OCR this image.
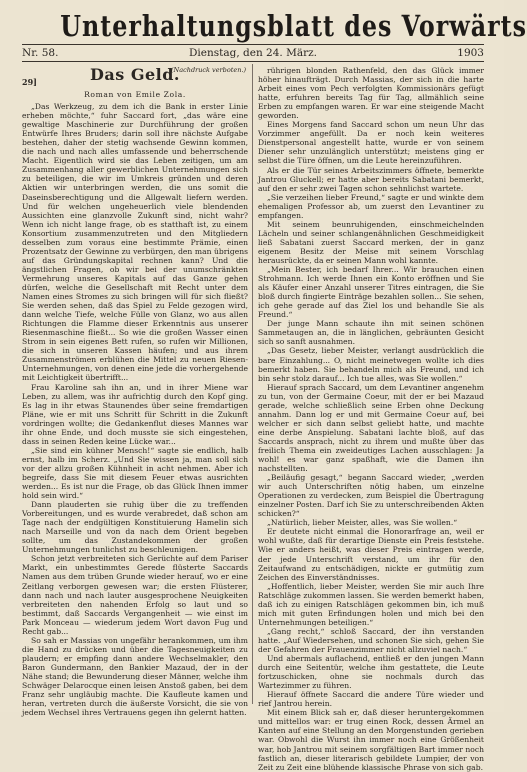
Unterhaltungsblatt des Vorwärts
Nr. 58.	Dienstag, den 24. März.	1903
29]
(Nachdruck verboten.)
Das Geld.
Roman von Emile Zola.

„Das Werkzeug, zu dem ich die Bank in erster Linie erheben möchte,“ fuhr Saccard fort, „das wäre eine gewaltige Maschinerie zur Durchführung der großen Entwürfe Ihres Bruders; darin soll ihre nächste Aufgabe bestehen, daher der stetig wachsende Gewinn kommen, die nach und nach alles umfassende und beherrschende Macht. Eigentlich wird sie das Leben zeitigen, um am Zusammenhang aller gewerblichen Unternehmungen sich zu beteiligen, die wir im Umkreis gründen und deren Aktien wir unterbringen werden, die uns somit die Daseinsberechtigung und die Allgewalt liefern werden. Und für welchen ungeheuerlich viele blendenden Aussichten eine glanzvolle Zukunft sind, nicht wahr? Wenn ich nicht lange frage, ob es statthaft ist, zu einem Konsortium zusammenzutreten und den Mitgliedern desselben zum voraus eine bestimmte Prämie, einen Prozentsatz der Gewinne zu verbürgen, den man übrigens auf das Gründungskapital rechnen kann? Und die ängstlichen Fragen, ob wir bei der unumschränkten Vermehrung unseres Kapitals auf das Ganze gehen dürfen, welche die Gesellschaft mit Recht unter dem Namen eines Stromes zu sich bringen will für sich fließt? Sie werden sehen, daß das Spiel zu Felde gezogen wird, dann welche Tiefe, welche Fülle von Glanz, wo aus allen Richtungen die Flamme dieser Erkenntnis aus unserer Riesenmaschine fließt... So wie die großen Wasser einen Strom in sein eigenes Bett rufen, so rufen wir Millionen, die sich in unseren Kassen häufen; und aus ihrem Zusammenströmen erblühen die Mittel zu neuen Riesen-Unternehmungen, von denen eine jede die vorhergehende mit Leichtigkeit übertrifft...

Frau Karoline sah ihn an, und in ihrer Miene war Leben, zu allem, was ihr aufrichtig durch den Kopf ging. Es lag in ihr etwas Staunendes über seine fremdartigen Pläne, wie er mit uns Schritt für Schritt in die Zukunft vordringen wollte; die Gedankenflut dieses Mannes war ihr ohne Ende, und doch musste sie sich eingestehen, dass in seinen Reden keine Lücke war...

„Sie sind ein kühner Mensch!“ sagte sie endlich, halb ernst, halb im Scherz. „Und Sie wissen ja, man soll sich vor der allzu großen Kühnheit in acht nehmen. Aber ich begreife, dass Sie mit diesem Feuer etwas ausrichten werden... Es ist nur die Frage, ob das Glück Ihnen immer hold sein wird.“

Dann plauderten sie ruhig über die zu treffenden Vorbereitungen, und es wurde verabredet, daß schon am Tage nach der endgültigen Konstituierung Hamelin sich nach Marseille und von da nach dem Orient begeben sollte, um das Zustandekommen der großen Unternehmungen tunlichst zu beschleunigen.

Schon jetzt verbreiteten sich Gerüchte auf dem Pariser Markt, ein unbestimmtes Gerede flüsterte Saccards Namen aus dem trüben Grunde wieder herauf, wo er eine Zeitlang verborgen gewesen war; die ersten Flüsterer, dann nach und nach lauter ausgesprochene Neuigkeiten verbreiteten den nahenden Erfolg so laut und so bestimmt, daß Saccards Vergangenheit — wie einst im Park Monceau — wiederum jedem Wort davon Fug und Recht gab...

So sah er Massias von ungefähr herankommen, um ihm die Hand zu drücken und über die Tagesneuigkeiten zu plaudern; er empfing dann andere Wechselmakler, den Baron Gundermann, den Bankier Mazaud, der in der Nähe stand; die Bewunderung dieser Männer, welche ihm Schwäger Delarocque einen leisen Anstoß gaben, bei dem Franz sehr ungläubig machte. Die Kaufleute kamen und heran, vertreten durch die äußerste Vorsicht, die sie von jedem Wechsel ihres Vertrauens gegen ihn gelernt hatten.

rührigen blonden Rathenfeld, den das Glück immer höher hinaufträgt. Durch Massias, der sich in die harte Arbeit eines vom Pech verfolgten Kommissionärs gefügt hatte, erfuhren bereits Tag für Tag, allmählich seine Erben zu empfangen waren. Er war eine steigende Macht geworden.

Eines Morgens fand Saccard schon um neun Uhr das Vorzimmer angefüllt. Da er noch kein weiteres Dienstpersonal angestellt hatte, wurde er von seinem Diener sehr unzulänglich unterstützt; meistens ging er selbst die Türe öffnen, um die Leute hereinzuführen.

Als er die Tür seines Arbeitszimmers öffnete, bemerkte Jantrou Gluckell; er hatte aber bereits Sabatani bemerkt, auf den er sehr zwei Tagen schon sehnlichst wartete.

„Sie verzeihen lieber Freund,“ sagte er und winkte dem ehemaligen Professor ab, um zuerst den Levantiner zu empfangen.

Mit seinem beunruhigenden, einschmeichelnden Lächeln und seiner schlangenähnlichen Geschmeidigkeit ließ Sabatani zuerst Saccard merken, der in ganz eigenem Besitz der Meise mit seinem Vorschlag herausrückte, da er seinen Mann wohl kannte.

„Mein Bester, ich bedarf Ihrer... Wir brauchen einen Strohmann. Ich werde Ihnen ein Konto eröffnen und Sie als Käufer einer Anzahl unserer Titres eintragen, die Sie bloß durch fingierte Einträge bezahlen sollen... Sie sehen, ich gehe gerade auf das Ziel los und behandle Sie als Freund.“

Der junge Mann schaute ihn mit seinen schönen Sammetaugen an, die in länglichen, gebräunten Gesicht sich so sanft ausnahmen.

„Das Gesetz, lieber Meister, verlangt ausdrücklich die bare Einzahlung... O, nicht meinetwegen wollte ich dies bemerkt haben. Sie behandeln mich als Freund, und ich bin sehr stolz darauf... Ich tue alles, was Sie wollen.“

Hierauf sprach Saccard, um dem Levantiner angenehm zu tun, von der Germaine Coeur, mit der er bei Mazaud gerade, welche schließlich seine Erben ohne Deckung annahm. Dann log er und mit Germaine Coeur auf, bei welcher er sich dann selbst geliebt hatte, und machte eine derbe Anspielung. Sabatani lachte bloß, auf das Saccards ansprach, nicht zu ihrem und mußte über das freilich Thema ein zweideutiges Lachen ausschlagen: Ja wohl! es war ganz spaßhaft, wie die Damen ihn nachstellten.

„Beiläufig gesagt,“ begann Saccard wieder, „werden wir auch Unterschriften nötig haben, um einzelne Operationen zu verdecken, zum Beispiel die Übertragung einzelner Posten. Darf ich Sie zu unterschreibenden Akten schicken?“

„Natürlich, lieber Meister, alles, was Sie wollen.“

Er deutete nicht einmal die Honorarfrage an, weil er wohl wußte, daß für derartige Dienste ein Preis feststehe. Wie er anders heißt, was dieser Preis eintragen werde, der jede Unterschrift verstand, um ihr für den Zeitaufwand zu entschädigen, nickte er gutmütig zum Zeichen des Einverständnisses.

„Hoffentlich, lieber Meister, werden Sie mir auch Ihre Ratschläge zukommen lassen. Sie werden bemerkt haben, daß ich zu einigen Ratschlägen gekommen bin, ich muß mich mit guten Erfindungen holen und mich bei den Unternehmungen beteiligen.“

„Gang recht,“ schloß Saccard, der ihn verstanden hatte. „Auf Wiedersehen, und schonen Sie sich, gehen Sie der Gefahren der Frauenzimmer nicht allzuviel nach.“

Und abermals auflachend, entließ er den jungen Mann durch eine Seitentür, welche ihm gestattete, die Leute fortzuschicken, ohne sie nochmals durch das Wartezimmer zu führen.

Hierauf öffnete Saccard die andere Türe wieder und rief Jantrou herein.

Mit einem Blick sah er, daß dieser heruntergekommen und mittellos war: er trug einen Rock, dessen Ärmel an Kanten auf eine Stellung an den Morgenstunden gerieben war. Obwohl die Wurst ihn immer noch eine Größenheit war, hob Jantrou mit seinem sorgfältigen Bart immer noch fastlich an, dieser literarisch gebildete Lumpier, der von Zeit zu Zeit eine blühende klassische Phrase von sich gab.
